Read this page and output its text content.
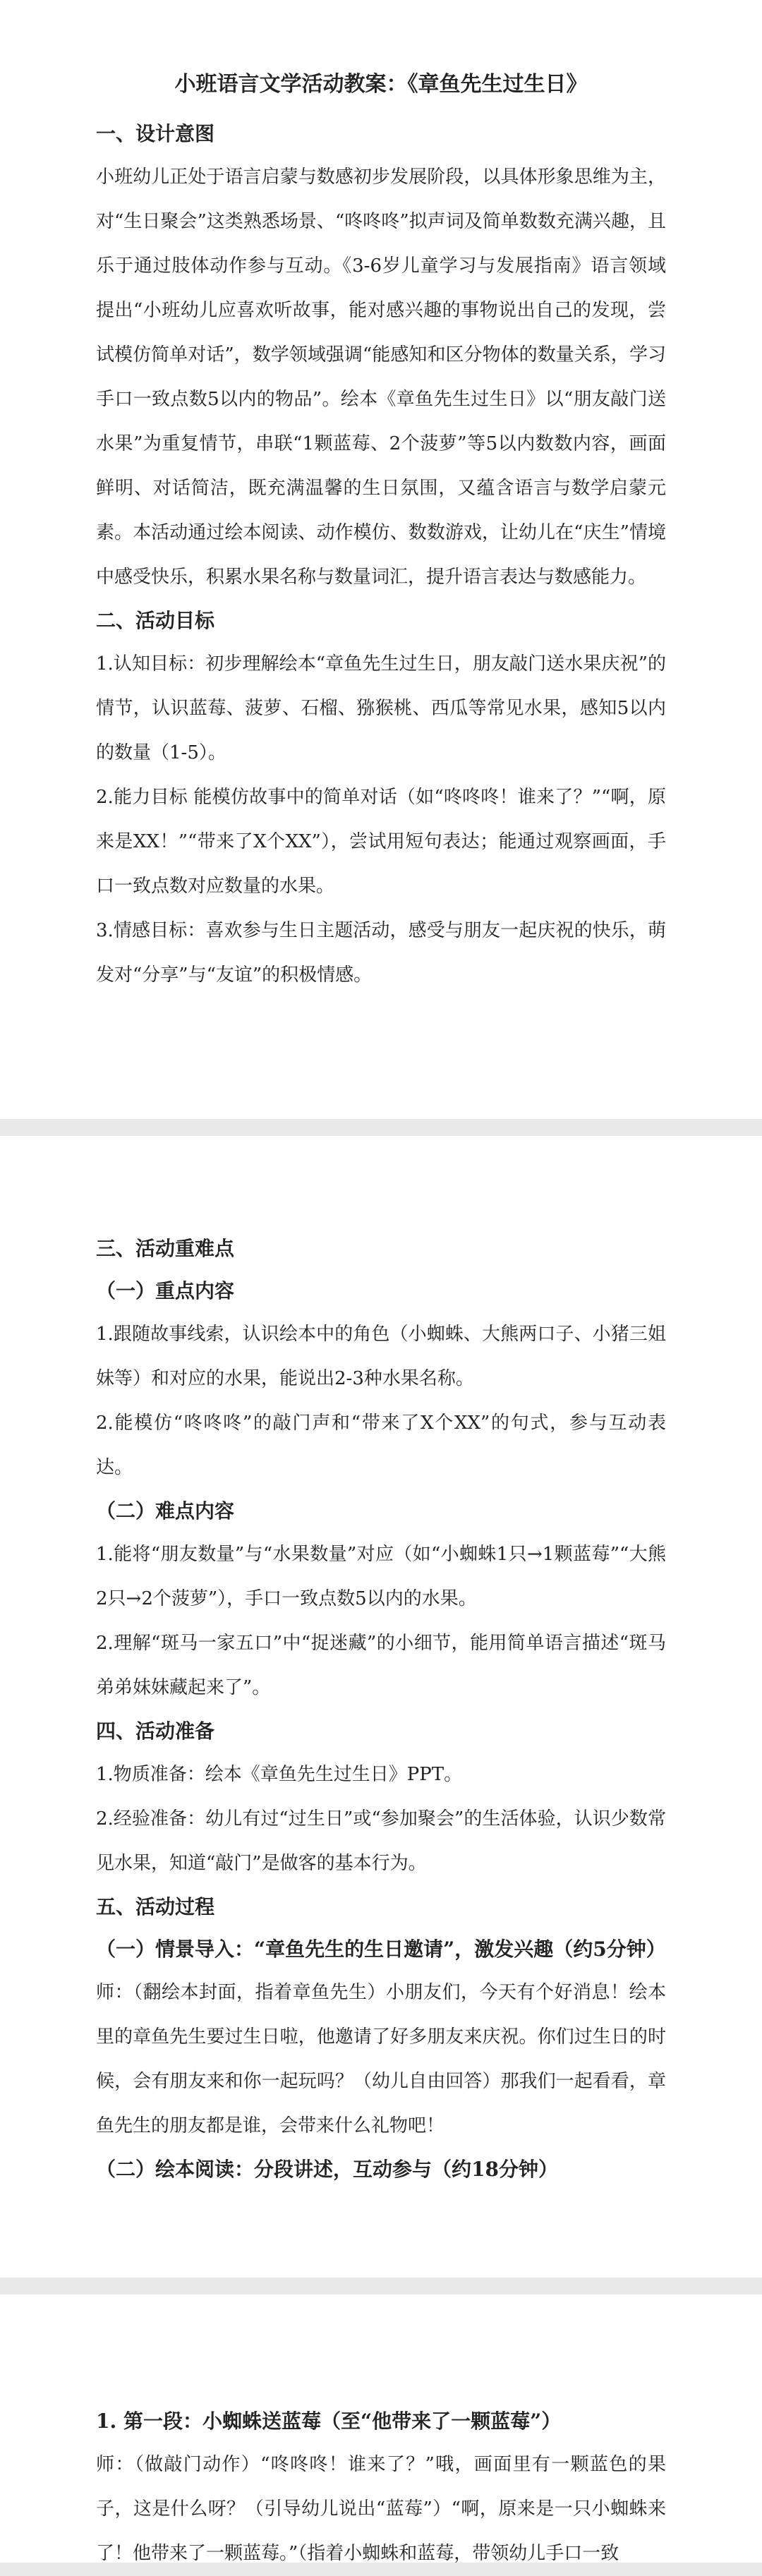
小班语言文学活动教案：《章鱼先生过生日》
一、设计意图

小班幼儿正处于语言启蒙与数感初步发展阶段，以具体形象思维为主，对“生日聚会”这类熟悉场景、“咚咚咚”拟声词及简单数数充满兴趣，且乐于通过肢体动作参与互动。《3-6岁儿童学习与发展指南》语言领域提出“小班幼儿应喜欢听故事，能对感兴趣的事物说出自己的发现，尝试模仿简单对话”，数学领域强调“能感知和区分物体的数量关系，学习手口一致点数5以内的物品”。绘本《章鱼先生过生日》以“朋友敲门送水果”为重复情节，串联“1颗蓝莓、2个菠萝”等5以内数数内容，画面鲜明、对话简洁，既充满温馨的生日氛围，又蕴含语言与数学启蒙元素。本活动通过绘本阅读、动作模仿、数数游戏，让幼儿在“庆生”情境中感受快乐，积累水果名称与数量词汇，提升语言表达与数感能力。

二、活动目标

1.认知目标：初步理解绘本“章鱼先生过生日，朋友敲门送水果庆祝”的情节，认识蓝莓、菠萝、石榴、猕猴桃、西瓜等常见水果，感知5以内的数量（1-5）。

2.能力目标 能模仿故事中的简单对话（如“咚咚咚！谁来了？”“啊，原来是XX！”“带来了X个XX”），尝试用短句表达；能通过观察画面，手口一致点数对应数量的水果。

3.情感目标：喜欢参与生日主题活动，感受与朋友一起庆祝的快乐，萌发对“分享”与“友谊”的积极情感。

三、活动重难点
（一）重点内容

1.跟随故事线索，认识绘本中的角色（小蜘蛛、大熊两口子、小猪三姐妹等）和对应的水果，能说出2-3种水果名称。

2.能模仿“咚咚咚”的敲门声和“带来了X个XX”的句式，参与互动表达。

（二）难点内容

1.能将“朋友数量”与“水果数量”对应（如“小蜘蛛1只→1颗蓝莓”“大熊2只→2个菠萝”），手口一致点数5以内的水果。

2.理解“斑马一家五口”中“捉迷藏”的小细节，能用简单语言描述“斑马弟弟妹妹藏起来了”。

四、活动准备

1.物质准备：绘本《章鱼先生过生日》PPT。

2.经验准备：幼儿有过“过生日”或“参加聚会”的生活体验，认识少数常见水果，知道“敲门”是做客的基本行为。

五、活动过程
（一）情景导入：“章鱼先生的生日邀请”，激发兴趣（约5分钟）

师：（翻绘本封面，指着章鱼先生）小朋友们，今天有个好消息！绘本里的章鱼先生要过生日啦，他邀请了好多朋友来庆祝。你们过生日的时候，会有朋友来和你一起玩吗？（幼儿自由回答）那我们一起看看，章鱼先生的朋友都是谁，会带来什么礼物吧！

（二）绘本阅读：分段讲述，互动参与（约18分钟）
1. 第一段：小蜘蛛送蓝莓（至“他带来了一颗蓝莓”）

师：（做敲门动作）“咚咚咚！谁来了？”哦，画面里有一颗蓝色的果子，这是什么呀？（引导幼儿说出“蓝莓”）“啊，原来是一只小蜘蛛来了！他带来了一颗蓝莓。”（指着小蜘蛛和蓝莓，带领幼儿手口一致
